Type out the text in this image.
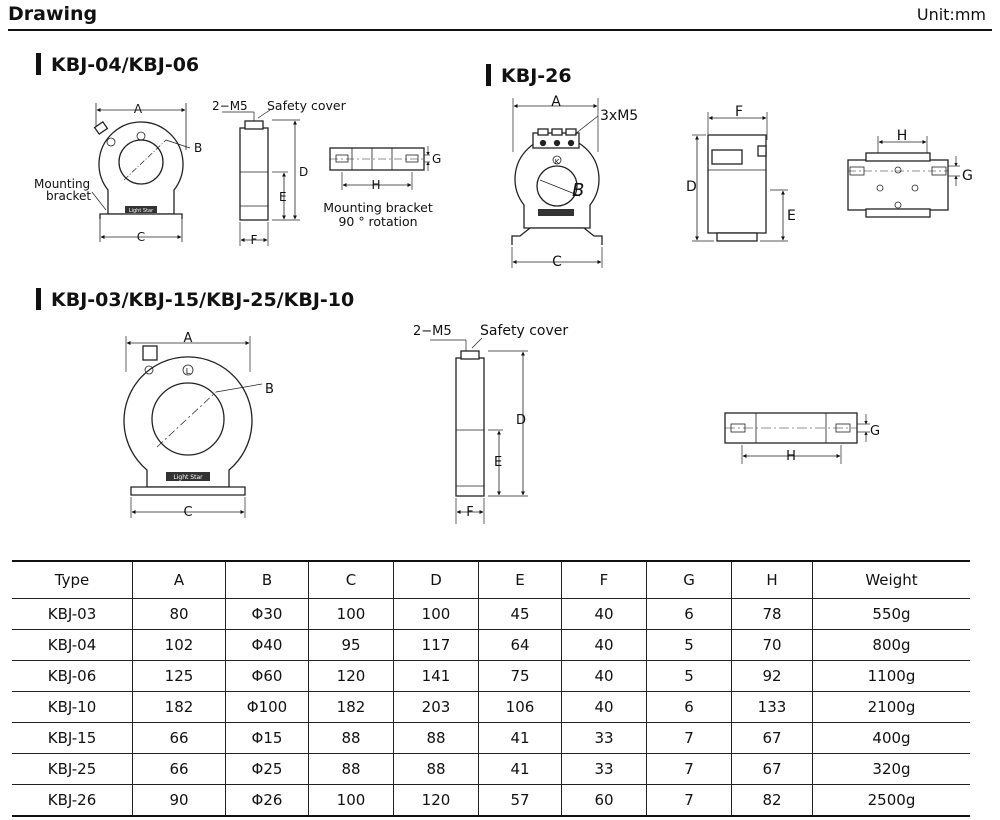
Drawing	Unit:mm
KBJ-04/KBJ-06	KBJ-26
KBJ-03/KBJ-15/KBJ-25/KBJ-10
A
B
C
Mounting
bracket
Light Star
2−M5 Safety cover
D
E
F
G
H
Mounting bracket
90 ° rotation
A
3xM5
B
C
K
F
D
E
H
G
A
B
C
L
Light Star
2−M5 Safety cover
D
E
F
G
H
Type	A	B	C	D	E	F	G	H	Weight
KBJ-03	80	Φ30	100	100	45	40	6	78	550g
KBJ-04	102	Φ40	95	117	64	40	5	70	800g
KBJ-06	125	Φ60	120	141	75	40	5	92	1100g
KBJ-10	182	Φ100	182	203	106	40	6	133	2100g
KBJ-15	66	Φ15	88	88	41	33	7	67	400g
KBJ-25	66	Φ25	88	88	41	33	7	67	320g
KBJ-26	90	Φ26	100	120	57	60	7	82	2500g
